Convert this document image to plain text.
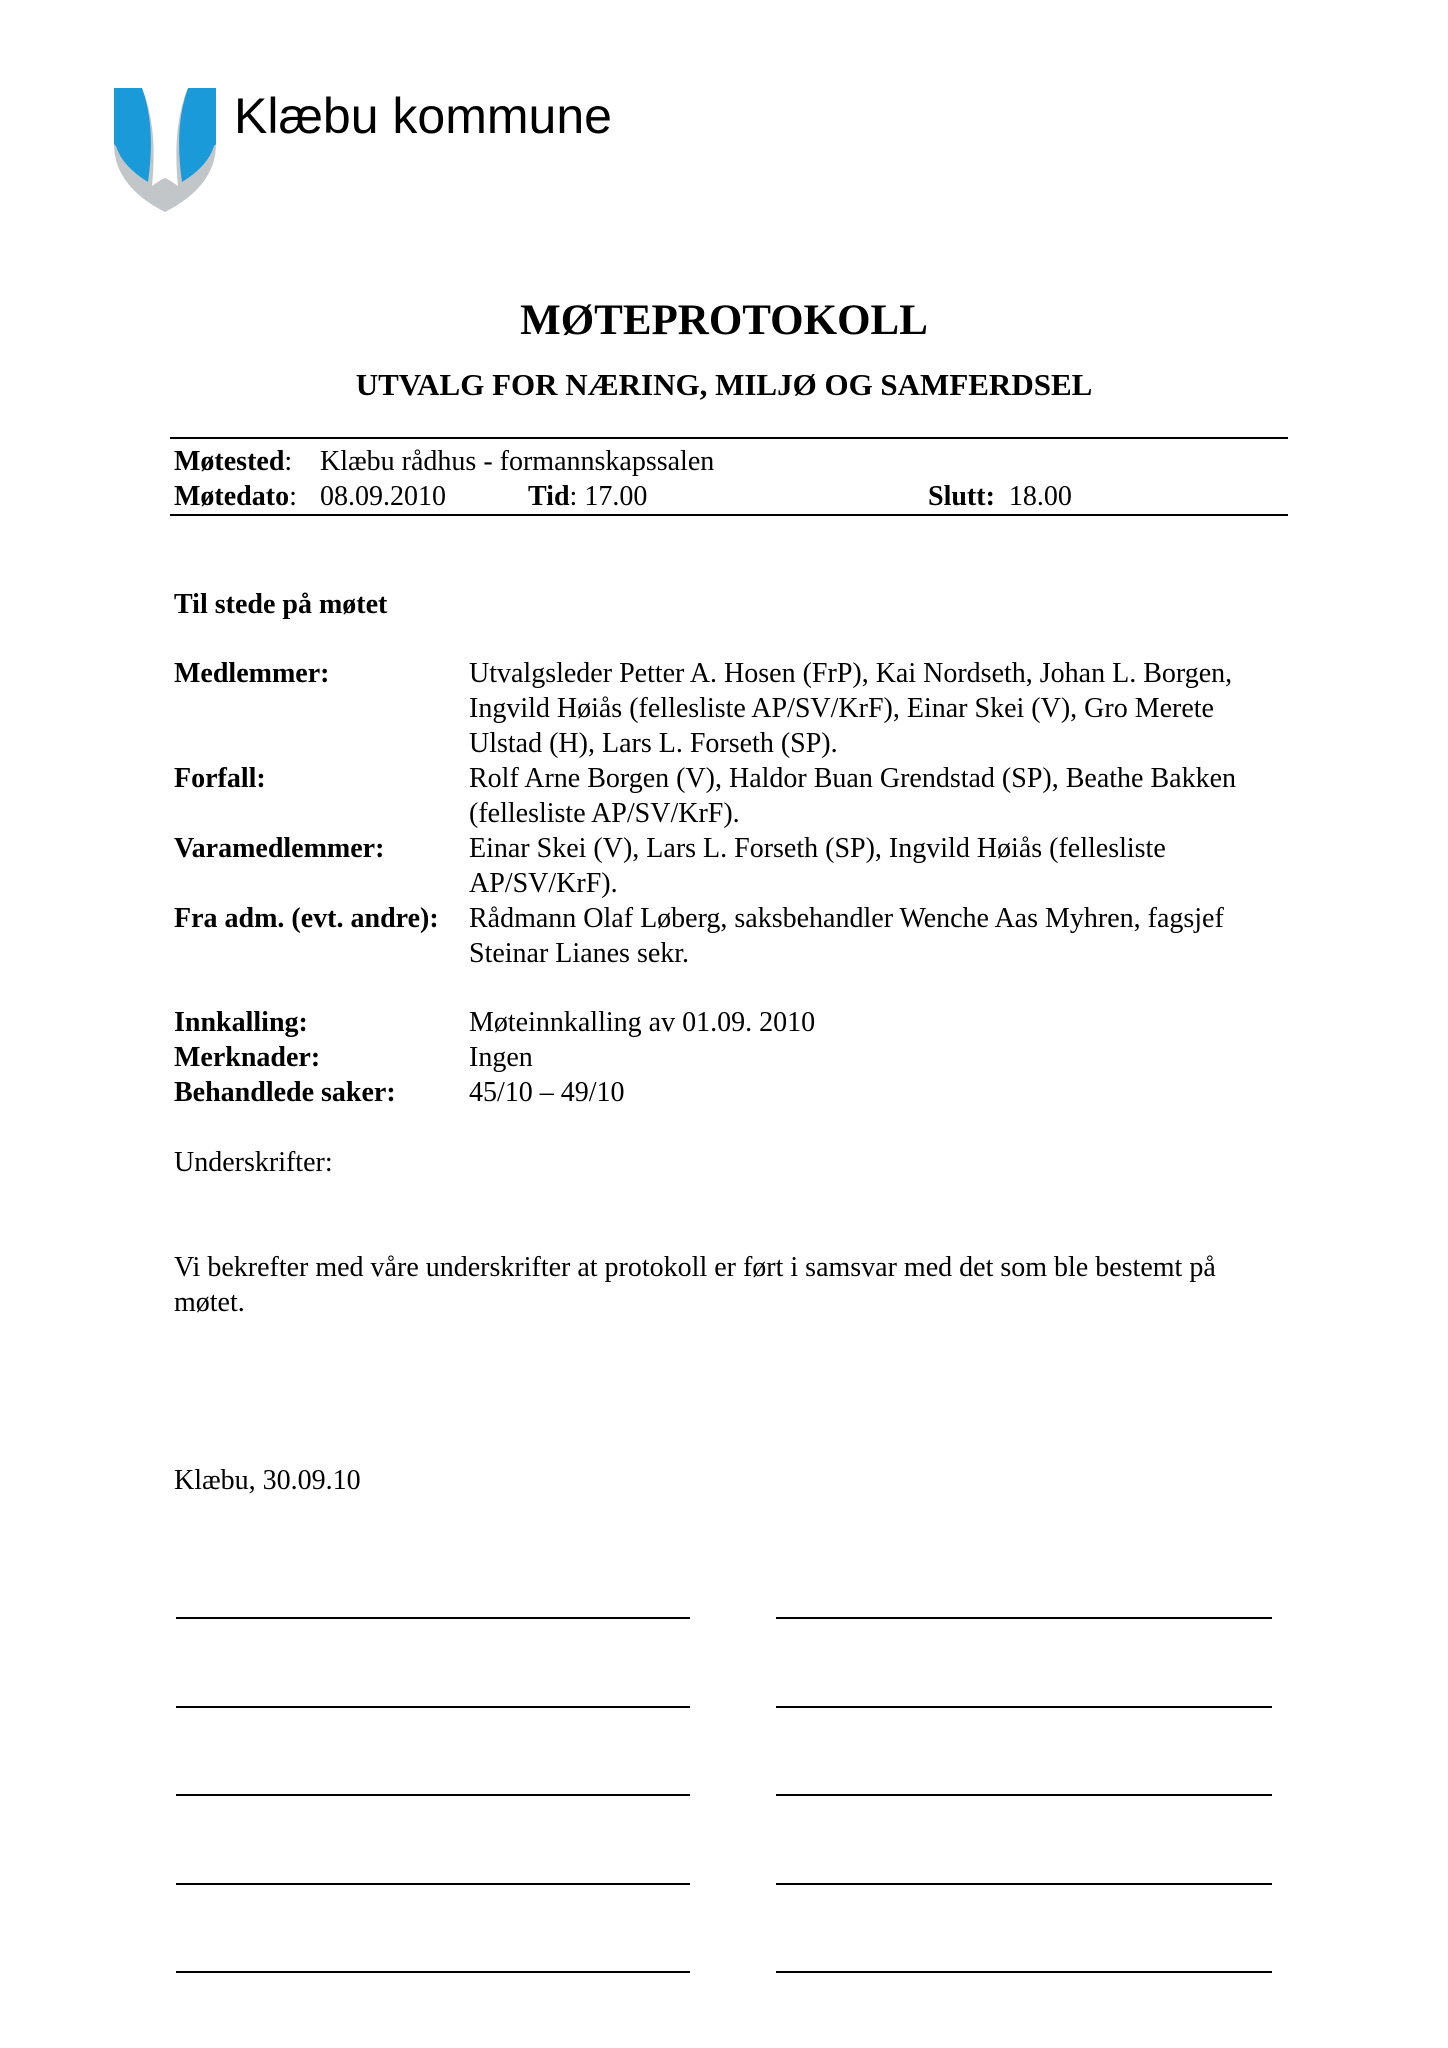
Klæbu kommune
MØTEPROTOKOLL
UTVALG FOR NÆRING, MILJØ OG SAMFERDSEL
Møtested: Klæbu rådhus - formannskapssalen
Møtedato: 08.09.2010	Tid: 17.00	Slutt: 18.00
Til stede på møtet
Medlemmer:	Utvalgsleder Petter A. Hosen (FrP), Kai Nordseth, Johan L. Borgen,
Ingvild Høiås (fellesliste AP/SV/KrF), Einar Skei (V), Gro Merete
Ulstad (H), Lars L. Forseth (SP).
Forfall:	Rolf Arne Borgen (V), Haldor Buan Grendstad (SP), Beathe Bakken
(fellesliste AP/SV/KrF).
Varamedlemmer:	Einar Skei (V), Lars L. Forseth (SP), Ingvild Høiås (fellesliste
AP/SV/KrF).
Fra adm. (evt. andre): Rådmann Olaf Løberg, saksbehandler Wenche Aas Myhren, fagsjef
Steinar Lianes sekr.
Innkalling:	Møteinnkalling av 01.09. 2010
Merknader:	Ingen
Behandlede saker:	45/10 – 49/10
Underskrifter:
Vi bekrefter med våre underskrifter at protokoll er ført i samsvar med det som ble bestemt på
møtet.
Klæbu, 30.09.10
